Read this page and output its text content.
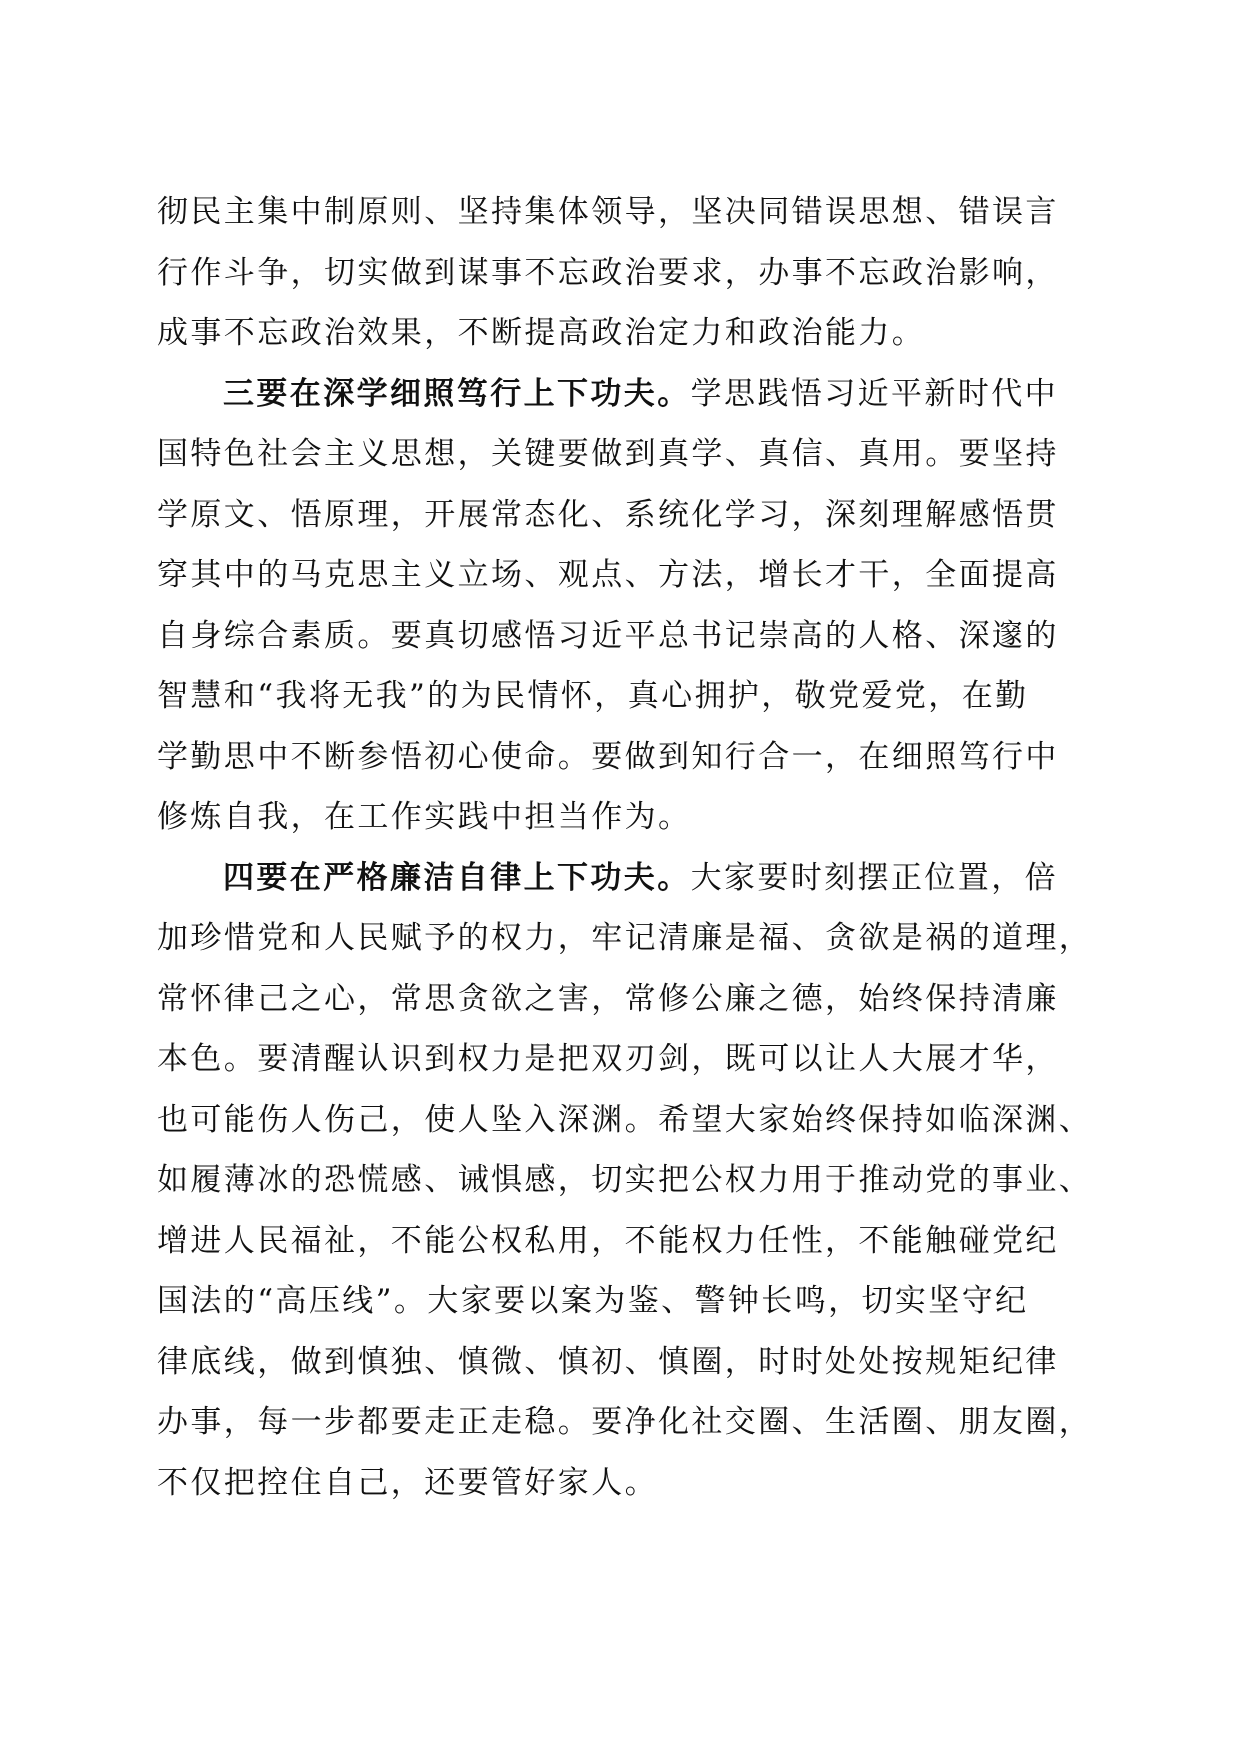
彻民主集中制原则、坚持集体领导，坚决同错误思想、错误言
行作斗争，切实做到谋事不忘政治要求，办事不忘政治影响，
成事不忘政治效果，不断提高政治定力和政治能力。
三要在深学细照笃行上下功夫。学思践悟习近平新时代中
国特色社会主义思想，关键要做到真学、真信、真用。要坚持
学原文、悟原理，开展常态化、系统化学习，深刻理解感悟贯
穿其中的马克思主义立场、观点、方法，增长才干，全面提高
自身综合素质。要真切感悟习近平总书记崇高的人格、深邃的
智慧和“我将无我”的为民情怀，真心拥护，敬党爱党，在勤
学勤思中不断参悟初心使命。要做到知行合一，在细照笃行中
修炼自我，在工作实践中担当作为。
四要在严格廉洁自律上下功夫。大家要时刻摆正位置，倍
加珍惜党和人民赋予的权力，牢记清廉是福、贪欲是祸的道理，
常怀律己之心，常思贪欲之害，常修公廉之德，始终保持清廉
本色。要清醒认识到权力是把双刃剑，既可以让人大展才华，
也可能伤人伤己，使人坠入深渊。希望大家始终保持如临深渊、
如履薄冰的恐慌感、诫惧感，切实把公权力用于推动党的事业、
增进人民福祉，不能公权私用，不能权力任性，不能触碰党纪
国法的“高压线”。大家要以案为鉴、警钟长鸣，切实坚守纪
律底线，做到慎独、慎微、慎初、慎圈，时时处处按规矩纪律
办事，每一步都要走正走稳。要净化社交圈、生活圈、朋友圈，
不仅把控住自己，还要管好家人。
